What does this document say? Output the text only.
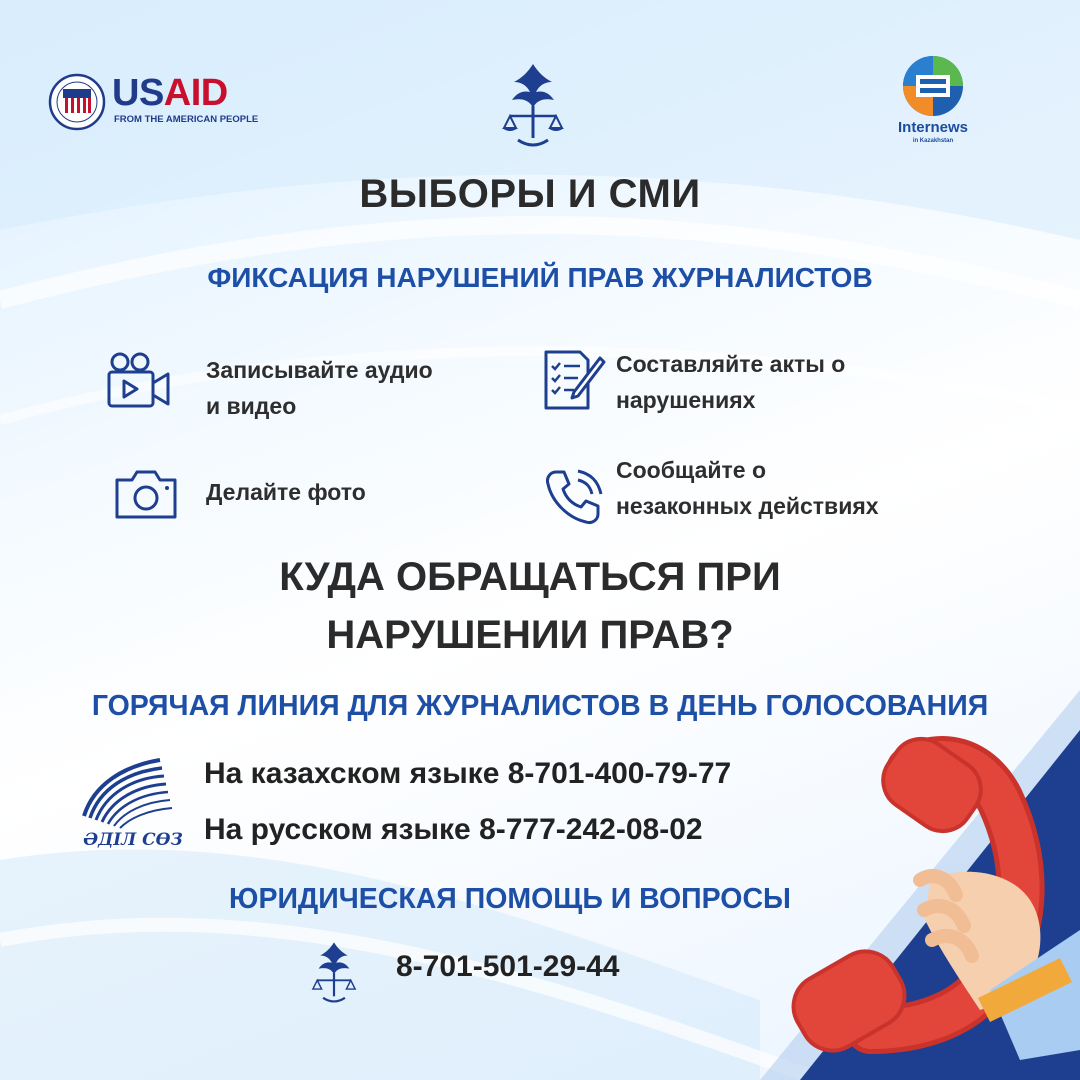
USAID
FROM THE AMERICAN PEOPLE	Internews
in Kazakhstan
ВЫБОРЫ И СМИ
ФИКСАЦИЯ НАРУШЕНИЙ ПРАВ ЖУРНАЛИСТОВ
Записывайте аудио
и видео
Составляйте акты о
нарушениях
Делайте фото
Сообщайте о
незаконных действиях
КУДА ОБРАЩАТЬСЯ ПРИ
НАРУШЕНИИ ПРАВ?
ГОРЯЧАЯ ЛИНИЯ ДЛЯ ЖУРНАЛИСТОВ В ДЕНЬ ГОЛОСОВАНИЯ
ӘДІЛ СӨЗ
На казахском языке 8-701-400-79-77
На русском языке 8-777-242-08-02
ЮРИДИЧЕСКАЯ ПОМОЩЬ И ВОПРОСЫ
8-701-501-29-44
